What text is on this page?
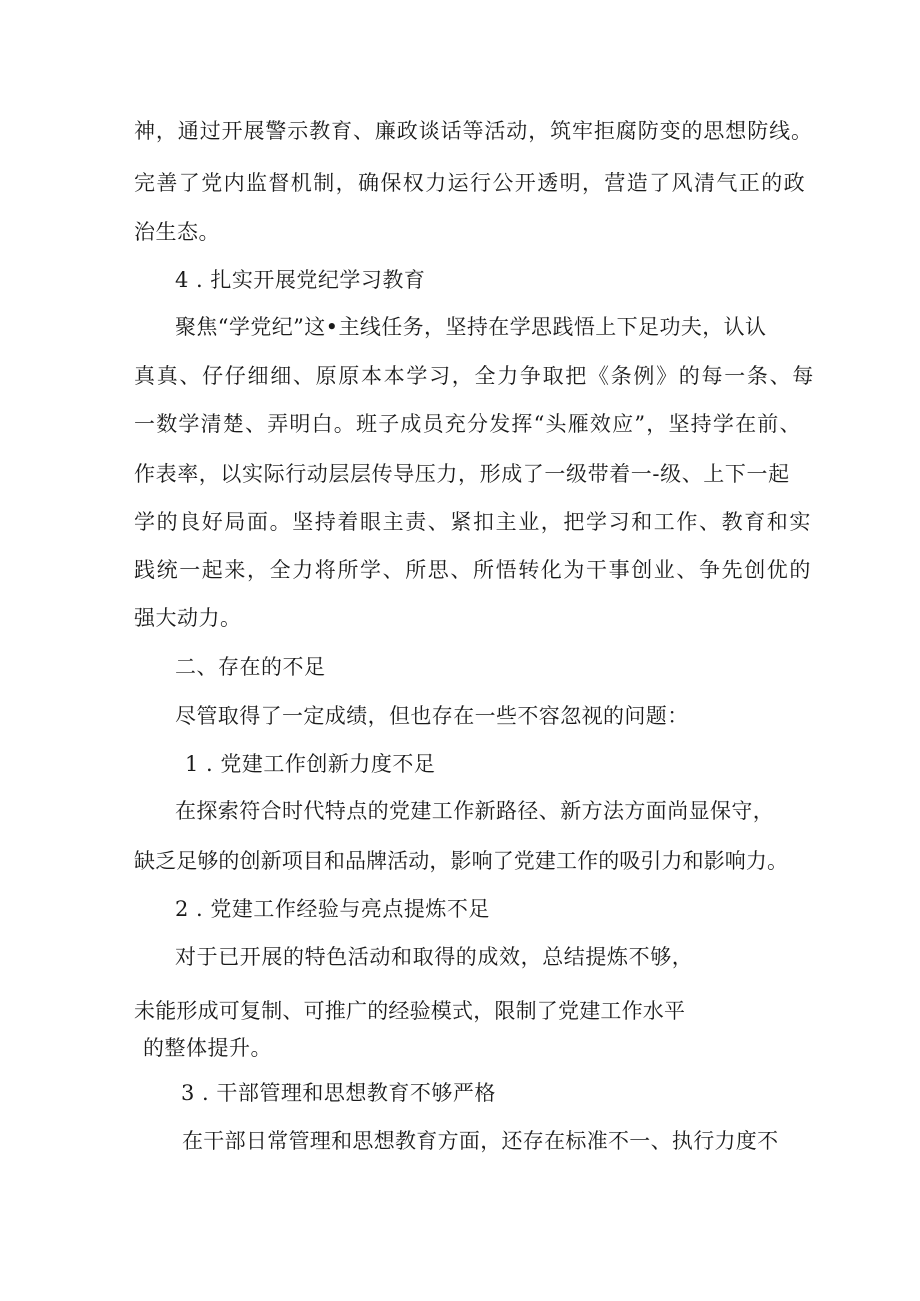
神，通过开展警示教育、廉政谈话等活动，筑牢拒腐防变的思想防线。
完善了党内监督机制，确保权力运行公开透明，营造了风清气正的政
治生态。
4 . 扎实开展党纪学习教育
聚焦“学党纪”这•主线任务，坚持在学思践悟上下足功夫，认认
真真、仔仔细细、原原本本学习，全力争取把《条例》的每一条、每
一数学清楚、弄明白。班子成员充分发挥“头雁效应”，坚持学在前、
作表率，以实际行动层层传导压力，形成了一级带着一-级、上下一起
学的良好局面。坚持着眼主责、紧扣主业，把学习和工作、教育和实
践统一起来，全力将所学、所思、所悟转化为干事创业、争先创优的
强大动力。
二、存在的不足
尽管取得了一定成绩，但也存在一些不容忽视的问题：
1 . 党建工作创新力度不足
在探索符合时代特点的党建工作新路径、新方法方面尚显保守，
缺乏足够的创新项目和品牌活动，影响了党建工作的吸引力和影响力。
2 . 党建工作经验与亮点提炼不足
对于已开展的特色活动和取得的成效，总结提炼不够，
未能形成可复制、可推广的经验模式，限制了党建工作水平
的整体提升。
3 . 干部管理和思想教育不够严格
在干部日常管理和思想教育方面，还存在标准不一、执行力度不
